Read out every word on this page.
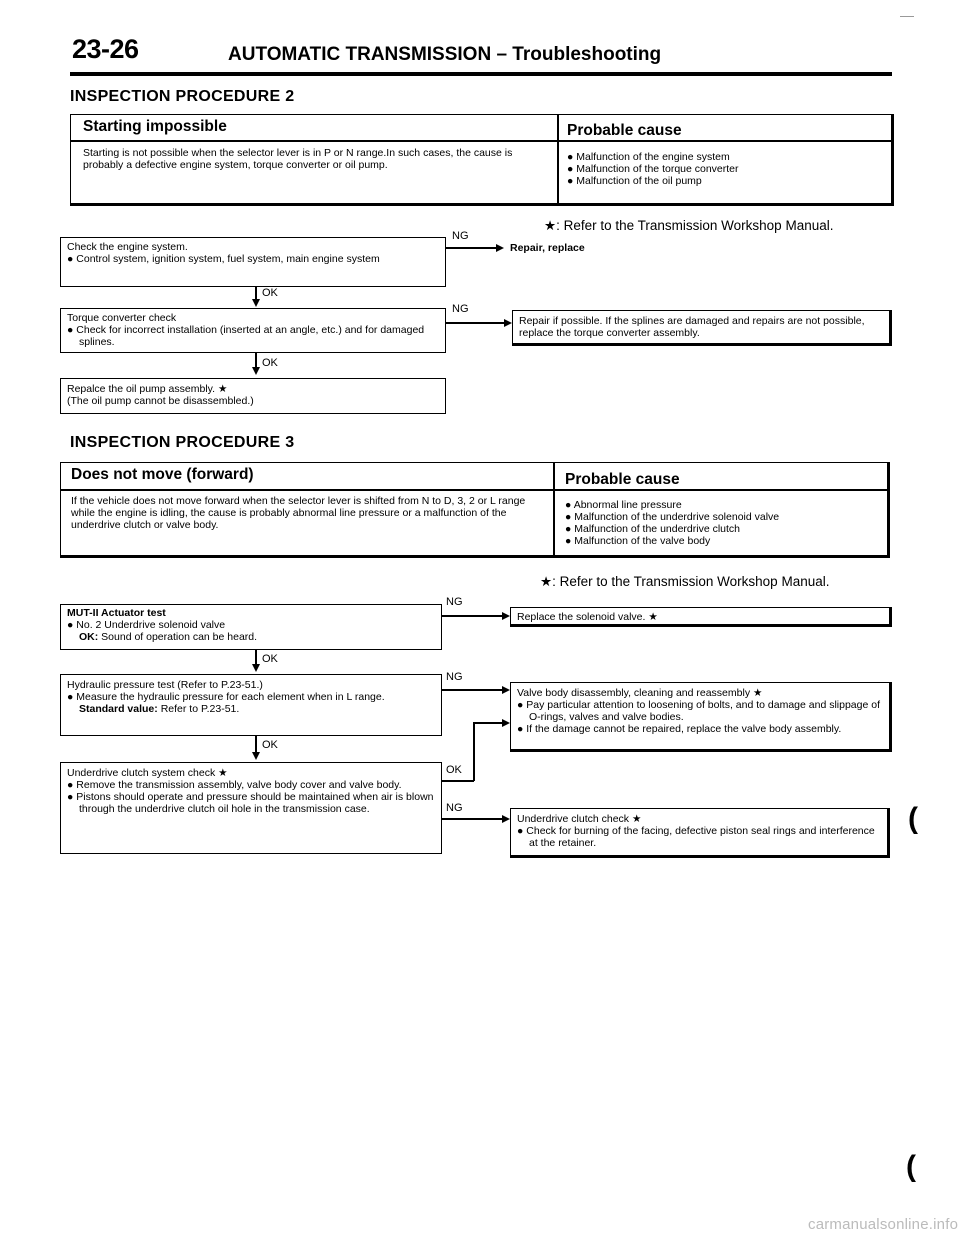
23-26	AUTOMATIC TRANSMISSION – Troubleshooting
INSPECTION PROCEDURE 2
Starting impossible	Probable cause
Starting is not possible when the selector lever is in P or N range.In such cases, the cause is probably a defective engine system, torque converter or oil pump.
● Malfunction of the engine system
● Malfunction of the torque converter
● Malfunction of the oil pump
★: Refer to the Transmission Workshop Manual.
Check the engine system.
● Control system, ignition system, fuel system, main engine system
NG
Repair, replace
OK
Torque converter check
● Check for incorrect installation (inserted at an angle, etc.) and for damaged splines.
NG
Repair if possible. If the splines are damaged and repairs are not possible, replace the torque converter assembly.
OK
Repalce the oil pump assembly. ★
(The oil pump cannot be disassembled.)
INSPECTION PROCEDURE 3
Does not move (forward)	Probable cause
If the vehicle does not move forward when the selector lever is shifted from N to D, 3, 2 or L range while the engine is idling, the cause is probably abnormal line pressure or a malfunction of the underdrive clutch or valve body.
● Abnormal line pressure
● Malfunction of the underdrive solenoid valve
● Malfunction of the underdrive clutch
● Malfunction of the valve body
★: Refer to the Transmission Workshop Manual.
MUT-II Actuator test
● No. 2 Underdrive solenoid valve
OK: Sound of operation can be heard.
NG
Replace the solenoid valve. ★
OK
Hydraulic pressure test (Refer to P.23-51.)
● Measure the hydraulic pressure for each element when in L range.
Standard value: Refer to P.23-51.
NG
Valve body disassembly, cleaning and reassembly ★
● Pay particular attention to loosening of bolts, and to damage and slippage of O-rings, valves and valve bodies.
● If the damage cannot be repaired, replace the valve body assembly.
OK
Underdrive clutch system check ★
● Remove the transmission assembly, valve body cover and valve body.
● Pistons should operate and pressure should be maintained when air is blown through the underdrive clutch oil hole in the transmission case.
OK
NG
Underdrive clutch check ★
● Check for burning of the facing, defective piston seal rings and interference at the retainer.
(
(
carmanualsonline.info
